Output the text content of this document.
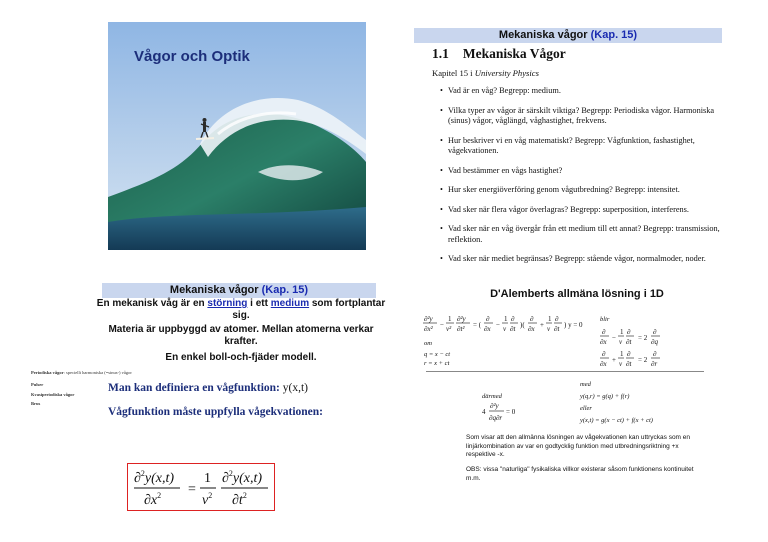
Vågor och Optik
Mekaniska vågor (Kap. 15)
1.1 Mekaniska Vågor
Kapitel 15 i University Physics
• Vad är en våg? Begrepp: medium.
• Vilka typer av vågor är särskilt viktiga? Begrepp: Periodiska vågor. Harmoniska (sinus) vågor, våglängd, våghastighet, frekvens.
• Hur beskriver vi en våg matematiskt? Begrepp: Vågfunktion, fashastighet, vågekvationen.
• Vad bestämmer en vågs hastighet?
• Hur sker energiöverföring genom vågutbredning? Begrepp: intensitet.
• Vad sker när flera vågor överlagras? Begrepp: superposition, interferens.
• Vad sker när en våg övergår från ett medium till ett annat? Begrepp: transmission, reflektion.
• Vad sker när mediet begränsas? Begrepp: stående vågor, normalmoder, noder.
Mekaniska vågor (Kap. 15)
En mekanisk våg är en störning i ett medium som fortplantar
sig.
Materia är uppbyggd av atomer. Mellan atomerna verkar
krafter.
En enkel boll-och-fjäder modell.
Periodiska vågor: speciellt harmoniska (=sinus-) vågor
Pulser
Kvasiperiodiska vågor
Brus
Man kan definiera en vågfunktion: y(x,t)
Vågfunktion måste uppfylla vågekvationen:
∂$^2$y(x,t)
$\partial x^2$ =
1
$v^2$
∂$^2$y(x,t)
$\partial t^2$
D'Alemberts allmäna lösning i 1D
∂²y
∂x² −
1
v²
∂²y
∂t² = (
∂
∂x −
1
v
∂
∂t )(
∂
∂x +
1
v
∂
∂t ) y = 0
om
q = x − ct
r = x + ct
blir
∂
∂x −
1
v
∂
∂t = 2
∂
∂q
∂
∂x +
1
v
∂
∂t = 2
∂
∂r
med
därmed	y(q,r) = g(q) + f(r)
4
∂²y
∂q∂r
= 0	eller
y(x,t) = g(x − ct) + f(x + ct)
Som visar att den allmänna lösningen av vågekvationen kan uttryckas som en linjärkombination av var en godtycklig funktion med utbredningsriktning +x respektive -x.
OBS: vissa "naturliga" fysikaliska villkor existerar såsom funktionens kontinuitet m.m.
